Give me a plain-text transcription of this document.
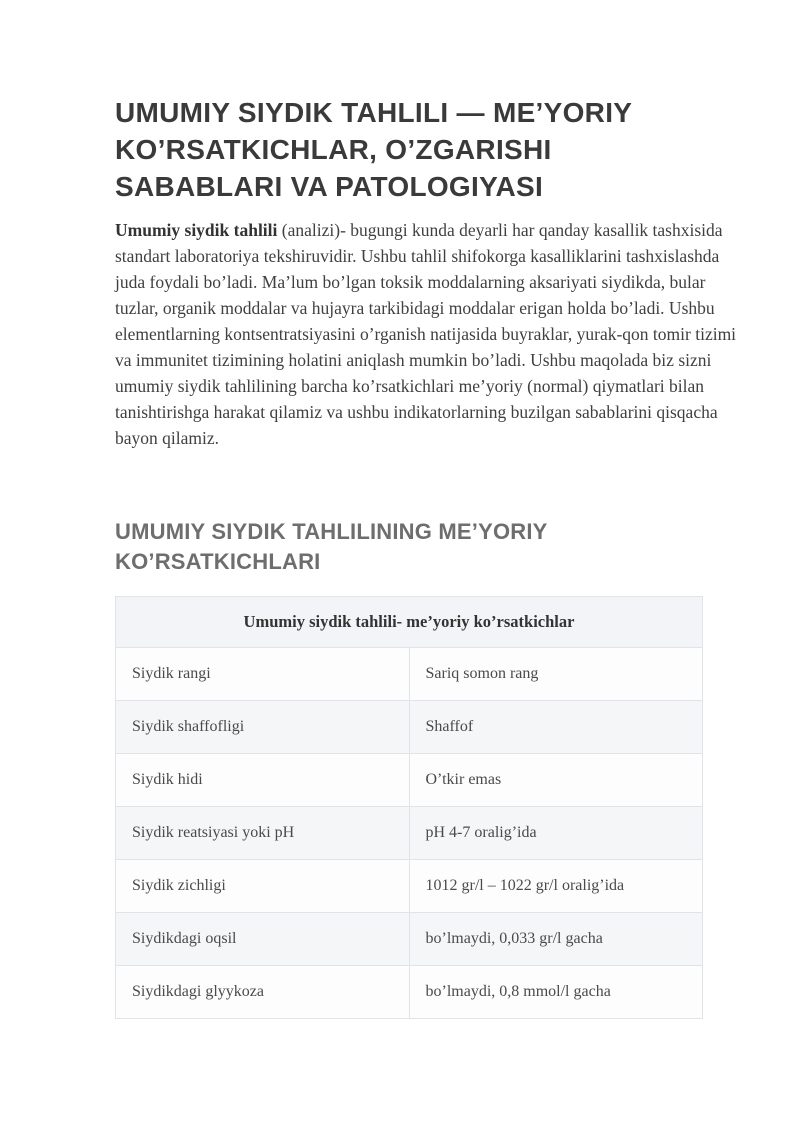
UMUMIY SIYDIK TAHLILI — ME’YORIY KO’RSATKICHLAR, O’ZGARISHI SABABLARI VA PATOLOGIYASI

Umumiy siydik tahlili (analizi)- bugungi kunda deyarli har qanday kasallik tashxisida standart laboratoriya tekshiruvidir. Ushbu tahlil shifokorga kasalliklarini tashxislashda juda foydali bo’ladi. Ma’lum bo’lgan toksik moddalarning aksariyati siydikda, bular tuzlar, organik moddalar va hujayra tarkibidagi moddalar erigan holda bo’ladi. Ushbu elementlarning kontsentratsiyasini o’rganish natijasida buyraklar, yurak-qon tomir tizimi va immunitet tizimining holatini aniqlash mumkin bo’ladi. Ushbu maqolada biz sizni umumiy siydik tahlilining barcha ko’rsatkichlari me’yoriy (normal) qiymatlari bilan tanishtirishga harakat qilamiz va ushbu indikatorlarning buzilgan sabablarini qisqacha bayon qilamiz.

UMUMIY SIYDIK TAHLILINING ME’YORIY KO’RSATKICHLARI
Umumiy siydik tahlili- me’yoriy ko’rsatkichlar	
Siydik rangi	Sariq somon rang
Siydik shaffofligi	Shaffof
Siydik hidi	O’tkir emas
Siydik reatsiyasi yoki pH	pH 4-7 oralig’ida
Siydik zichligi	1012 gr/l – 1022 gr/l oralig’ida
Siydikdagi oqsil	bo’lmaydi, 0,033 gr/l gacha
Siydikdagi glyykoza	bo’lmaydi, 0,8 mmol/l gacha
